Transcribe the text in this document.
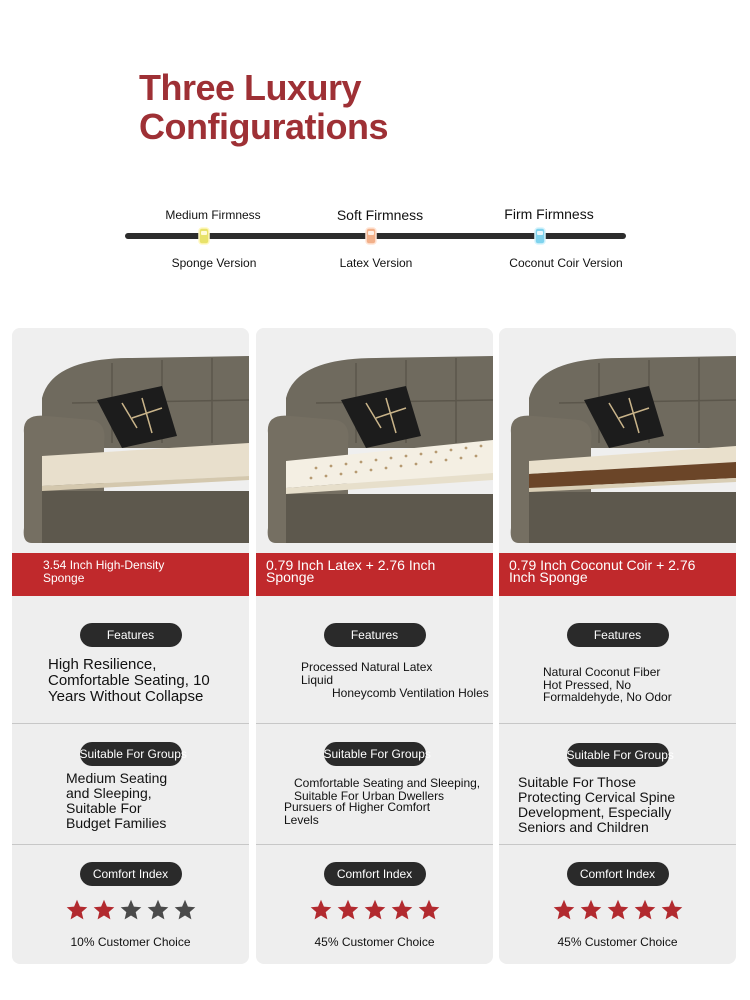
Three Luxury
Configurations
Medium Firmness	Soft Firmness	Firm Firmness
Sponge Version	Latex Version	Coconut Coir Version
3.54 Inch High-Density
Sponge
Features
High Resilience,
Comfortable Seating, 10
Years Without Collapse
Suitable For Groups
Medium Seating
and Sleeping,
Suitable For
Budget Families
Comfort Index
10% Customer Choice
0.79 Inch Latex + 2.76 Inch
Sponge
Features
Processed Natural Latex
Liquid
Honeycomb Ventilation Holes
Suitable For Groups
Comfortable Seating and Sleeping,
Suitable For Urban Dwellers
Pursuers of Higher Comfort
Levels
Comfort Index
45% Customer Choice
0.79 Inch Coconut Coir + 2.76
Inch Sponge
Features
Natural Coconut Fiber
Hot Pressed, No
Formaldehyde, No Odor
Suitable For Groups
Suitable For Those
Protecting Cervical Spine
Development, Especially
Seniors and Children
Comfort Index
45% Customer Choice
